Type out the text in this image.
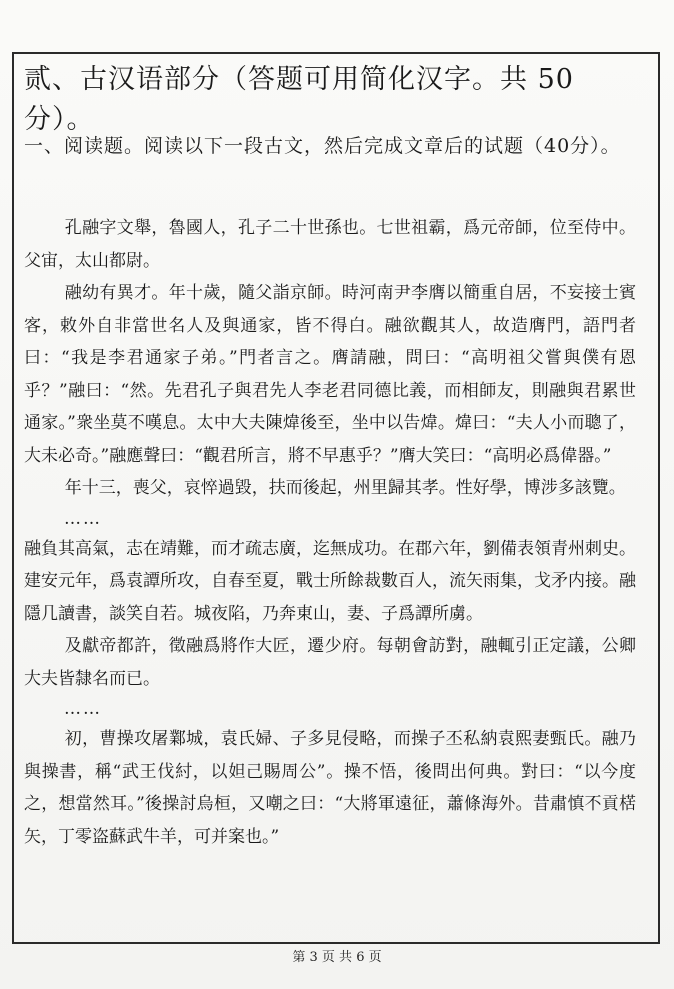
贰、古汉语部分（答题可用简化汉字。共 50 分）。
一、阅读题。阅读以下一段古文，然后完成文章后的试题（40分）。

孔融字文舉，魯國人，孔子二十世孫也。七世祖霸，爲元帝師，位至侍中。父宙，太山都尉。

融幼有異才。年十歲，隨父詣京師。時河南尹李膺以簡重自居，不妄接士賓客，敕外自非當世名人及與通家，皆不得白。融欲觀其人，故造膺門，語門者曰：“我是李君通家子弟。”門者言之。膺請融，問曰：“高明祖父嘗與僕有恩乎？”融曰：“然。先君孔子與君先人李老君同德比義，而相師友，則融與君累世通家。”衆坐莫不嘆息。太中大夫陳煒後至，坐中以告煒。煒曰：“夫人小而聰了，大未必奇。”融應聲曰：“觀君所言，將不早惠乎？”膺大笑曰：“高明必爲偉器。”

年十三，喪父，哀悴過毀，扶而後起，州里歸其孝。性好學，博涉多該覽。

……

融負其高氣，志在靖難，而才疏志廣，迄無成功。在郡六年，劉備表領青州刺史。建安元年，爲袁譚所攻，自春至夏，戰士所餘裁數百人，流矢雨集，戈矛内接。融隱几讀書，談笑自若。城夜陷，乃奔東山，妻、子爲譚所虜。

及獻帝都許，徵融爲將作大匠，遷少府。每朝會訪對，融輒引正定議，公卿大夫皆隸名而已。

……

初，曹操攻屠鄴城，袁氏婦、子多見侵略，而操子丕私納袁熙妻甄氏。融乃與操書，稱“武王伐紂，以妲己賜周公”。操不悟，後問出何典。對曰：“以今度之，想當然耳。”後操討烏桓，又嘲之曰：“大將軍遠征，蕭條海外。昔肅慎不貢楛矢，丁零盗蘇武牛羊，可并案也。”

第 3 页 共 6 页
